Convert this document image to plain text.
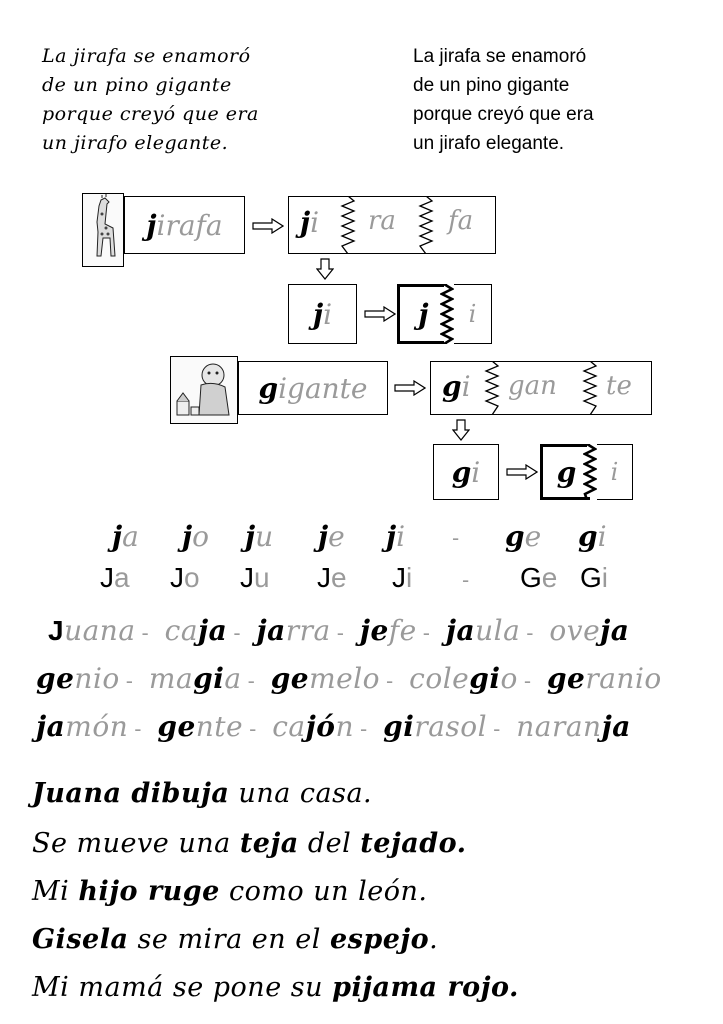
La jirafa se enamoró
de un pino gigante
porque creyó que era
un jirafo elegante.
La jirafa se enamoró
de un pino gigante
porque creyó que era
un jirafo elegante.
j irafa	ji ra fa
j i	j	i
g igante	gi gan te
g i	g	i
ja jo ju je ji - ge gi
Ja Jo Ju Je Ji - Ge Gi
Juana - caja - jarra - jefe - jaula - oveja
genio - magia - gemelo - colegio - geranio
jamón - gente - cajón - girasol - naranja
Juana dibuja una casa.
Se mueve una teja del tejado.
Mi hijo ruge como un león.
Gisela se mira en el espejo.
Mi mamá se pone su pijama rojo.
